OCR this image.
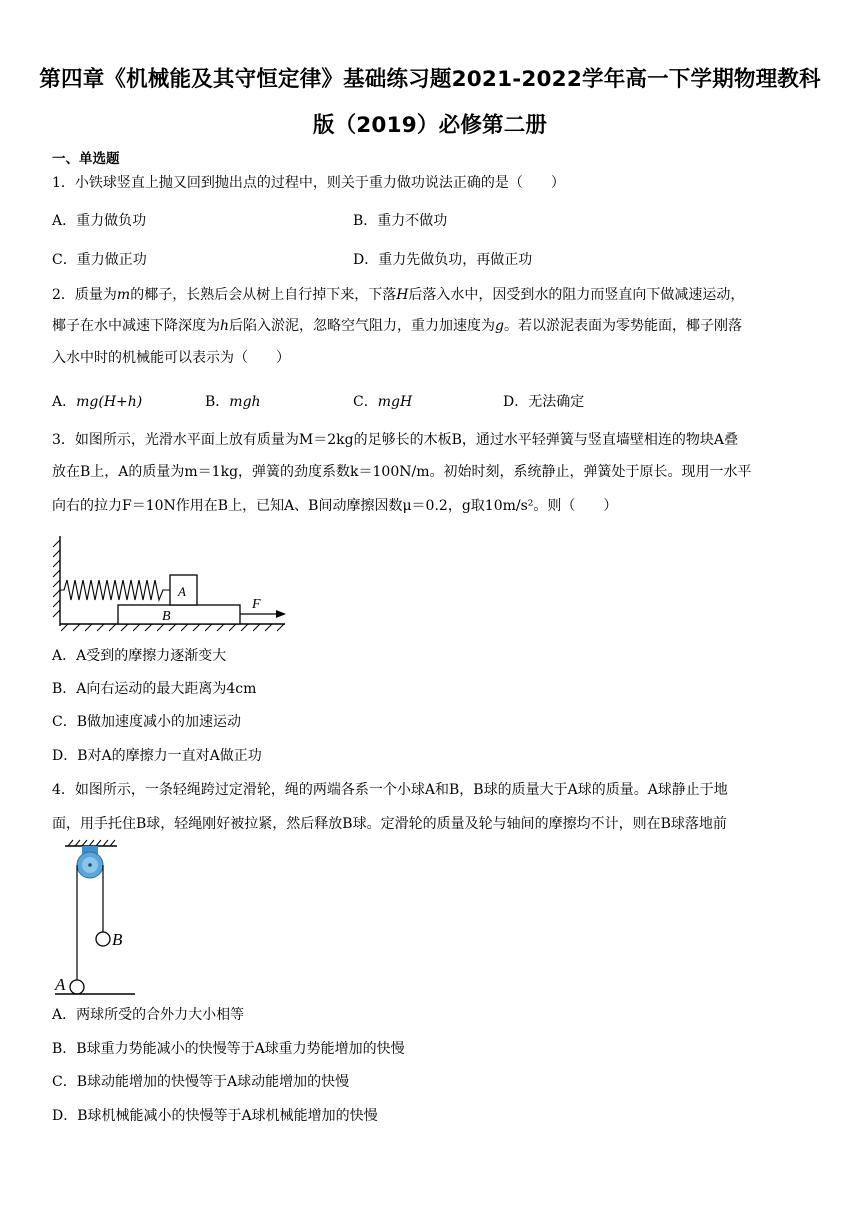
第四章《机械能及其守恒定律》基础练习题2021-2022学年高一下学期物理教科
版（2019）必修第二册
一、单选题
1．小铁球竖直上抛又回到抛出点的过程中，则关于重力做功说法正确的是（　　）
A．重力做负功	B．重力不做功
C．重力做正功	D．重力先做负功，再做正功
2．质量为m的椰子，长熟后会从树上自行掉下来，下落H后落入水中，因受到水的阻力而竖直向下做减速运动，
椰子在水中减速下降深度为h后陷入淤泥，忽略空气阻力，重力加速度为g。若以淤泥表面为零势能面，椰子刚落
入水中时的机械能可以表示为（　　）
A．mg(H+h)	B．mgh	C．mgH	D．无法确定
3．如图所示，光滑水平面上放有质量为M＝2kg的足够长的木板B，通过水平轻弹簧与竖直墙壁相连的物块A叠
放在B上，A的质量为m＝1kg，弹簧的劲度系数k＝100N/m。初始时刻，系统静止，弹簧处于原长。现用一水平
向右的拉力F＝10N作用在B上，已知A、B间动摩擦因数μ＝0.2，g取10m/s²。则（　　）
B
A
F
A．A受到的摩擦力逐渐变大
B．A向右运动的最大距离为4cm
C．B做加速度减小的加速运动
D．B对A的摩擦力一直对A做正功
4．如图所示，一条轻绳跨过定滑轮，绳的两端各系一个小球A和B，B球的质量大于A球的质量。A球静止于地
面，用手托住B球，轻绳刚好被拉紧，然后释放B球。定滑轮的质量及轮与轴间的摩擦均不计，则在B球落地前
B
A
A．两球所受的合外力大小相等
B．B球重力势能减小的快慢等于A球重力势能增加的快慢
C．B球动能增加的快慢等于A球动能增加的快慢
D．B球机械能减小的快慢等于A球机械能增加的快慢
